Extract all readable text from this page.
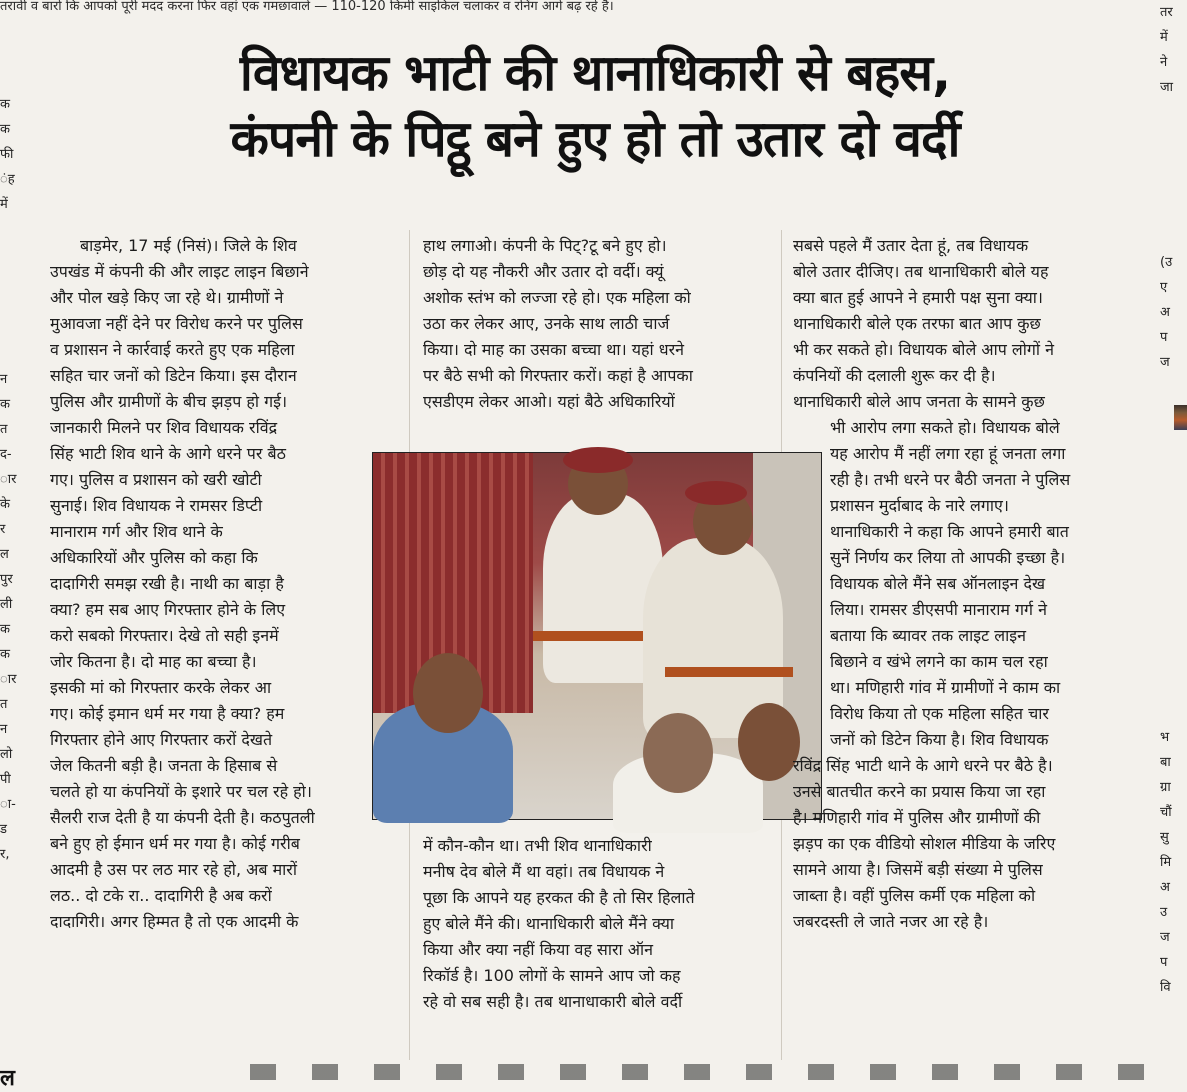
तरावी व बारो कि आपको पूरी मदद करना फिर वहां एक गमछावाले — 110-120 किमी साइकिल चलाकर व रनिंग आगे बढ़ रहे हैं।
क
क
फी
ंह
में
न
क
त
द-
ार
के
र
ल
पुर
ली
क
क
ार
त
न
लो
पी
ा-
ड
र,
विधायक भाटी की थानाधिकारी से बहस,
कंपनी के पिट्ठू बने हुए हो तो उतार दो वर्दी
बाड़मेर, 17 मई (निसं)। जिले के शिव
उपखंड में कंपनी की और लाइट लाइन बिछाने
और पोल खड़े किए जा रहे थे। ग्रामीणों ने
मुआवजा नहीं देने पर विरोध करने पर पुलिस
व प्रशासन ने कार्रवाई करते हुए एक महिला
सहित चार जनों को डिटेन किया। इस दौरान
पुलिस और ग्रामीणों के बीच झड़प हो गई।
जानकारी मिलने पर शिव विधायक रविंद्र
सिंह भाटी शिव थाने के आगे धरने पर बैठ
गए। पुलिस व प्रशासन को खरी खोटी
सुनाई। शिव विधायक ने रामसर डिप्टी
मानाराम गर्ग और शिव थाने के
अधिकारियों और पुलिस को कहा कि
दादागिरी समझ रखी है। नाथी का बाड़ा है
क्या? हम सब आए गिरफ्तार होने के लिए
करो सबको गिरफ्तार। देखे तो सही इनमें
जोर कितना है। दो माह का बच्चा है।
इसकी मां को गिरफ्तार करके लेकर आ
गए। कोई इमान धर्म मर गया है क्या? हम
गिरफ्तार होने आए गिरफ्तार करों देखते
जेल कितनी बड़ी है। जनता के हिसाब से
चलते हो या कंपनियों के इशारे पर चल रहे हो।
सैलरी राज देती है या कंपनी देती है। कठपुतली
बने हुए हो ईमान धर्म मर गया है। कोई गरीब
आदमी है उस पर लठ मार रहे हो, अब मारों
लठ.. दो टके रा.. दादागिरी है अब करों
दादागिरी। अगर हिम्मत है तो एक आदमी के
हाथ लगाओ। कंपनी के पिट्?टू बने हुए हो।
छोड़ दो यह नौकरी और उतार दो वर्दी। क्यूं
अशोक स्तंभ को लज्जा रहे हो। एक महिला को
उठा कर लेकर आए, उनके साथ लाठी चार्ज
किया। दो माह का उसका बच्चा था। यहां धरने
पर बैठे सभी को गिरफ्तार करों। कहां है आपका
एसडीएम लेकर आओ। यहां बैठे अधिकारियों
में कौन-कौन था। तभी शिव थानाधिकारी
मनीष देव बोले मैं था वहां। तब विधायक ने
पूछा कि आपने यह हरकत की है तो सिर हिलाते
हुए बोले मैंने की। थानाधिकारी बोले मैंने क्या
किया और क्या नहीं किया वह सारा ऑन
रिकॉर्ड है। 100 लोगों के सामने आप जो कह
रहे वो सब सही है। तब थानाधाकारी बोले वर्दी
सबसे पहले मैं उतार देता हूं, तब विधायक
बोले उतार दीजिए। तब थानाधिकारी बोले यह
क्या बात हुई आपने ने हमारी पक्ष सुना क्या।
थानाधिकारी बोले एक तरफा बात आप कुछ
भी कर सकते हो। विधायक बोले आप लोगों ने
कंपनियों की दलाली शुरू कर दी है।
थानाधिकारी बोले आप जनता के सामने कुछ
भी आरोप लगा सकते हो। विधायक बोले
यह आरोप मैं नहीं लगा रहा हूं जनता लगा
रही है। तभी धरने पर बैठी जनता ने पुलिस
प्रशासन मुर्दाबाद के नारे लगाए।
थानाधिकारी ने कहा कि आपने हमारी बात
सुनें निर्णय कर लिया तो आपकी इच्छा है।
विधायक बोले मैंने सब ऑनलाइन देख
लिया। रामसर डीएसपी मानाराम गर्ग ने
बताया कि ब्यावर तक लाइट लाइन
बिछाने व खंभे लगने का काम चल रहा
था। मणिहारी गांव में ग्रामीणों ने काम का
विरोध किया तो एक महिला सहित चार
जनों को डिटेन किया है। शिव विधायक
रविंद्र सिंह भाटी थाने के आगे धरने पर बैठे है।
उनसे बातचीत करने का प्रयास किया जा रहा
है। मणिहारी गांव में पुलिस और ग्रामीणों की
झड़प का एक वीडियो सोशल मीडिया के जरिए
सामने आया है। जिसमें बड़ी संख्या मे पुलिस
जाब्ता है। वहीं पुलिस कर्मी एक महिला को
जबरदस्ती ले जाते नजर आ रहे है।
तर
में
ने
जा
(उ
ए
अ
प
ज
भ
बा
ग्रा
चौं
सु
मि
अ
उ
ज
प
वि
ल
